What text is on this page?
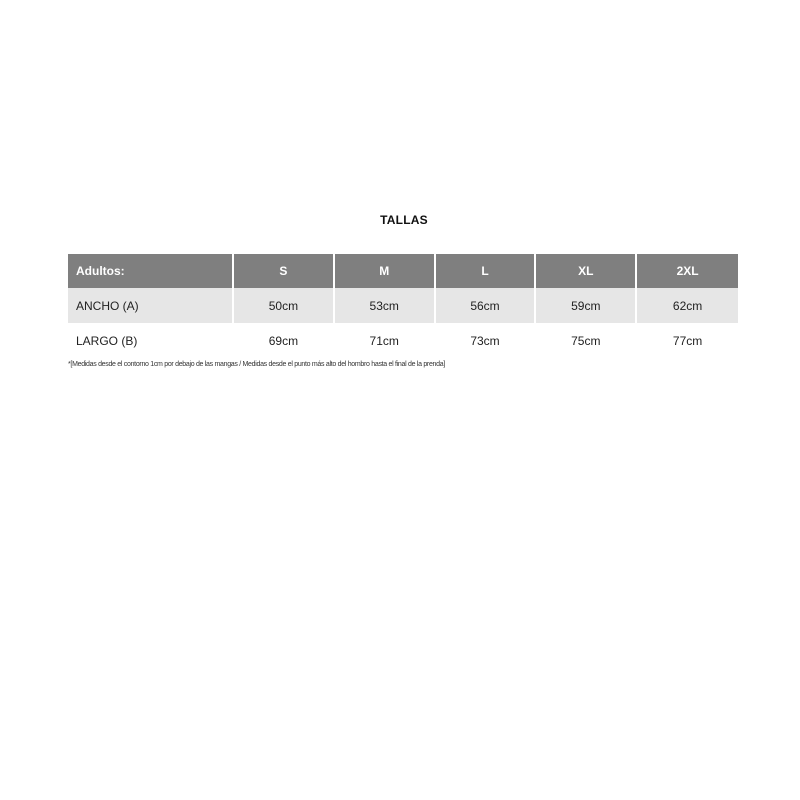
TALLAS
Adultos:	S	M	L	XL	2XL
ANCHO (A)	50cm	53cm	56cm	59cm	62cm
LARGO (B)	69cm	71cm	73cm	75cm	77cm
*[Medidas desde el contorno 1cm por debajo de las mangas / Medidas desde el punto más alto del hombro hasta el final de la prenda]
